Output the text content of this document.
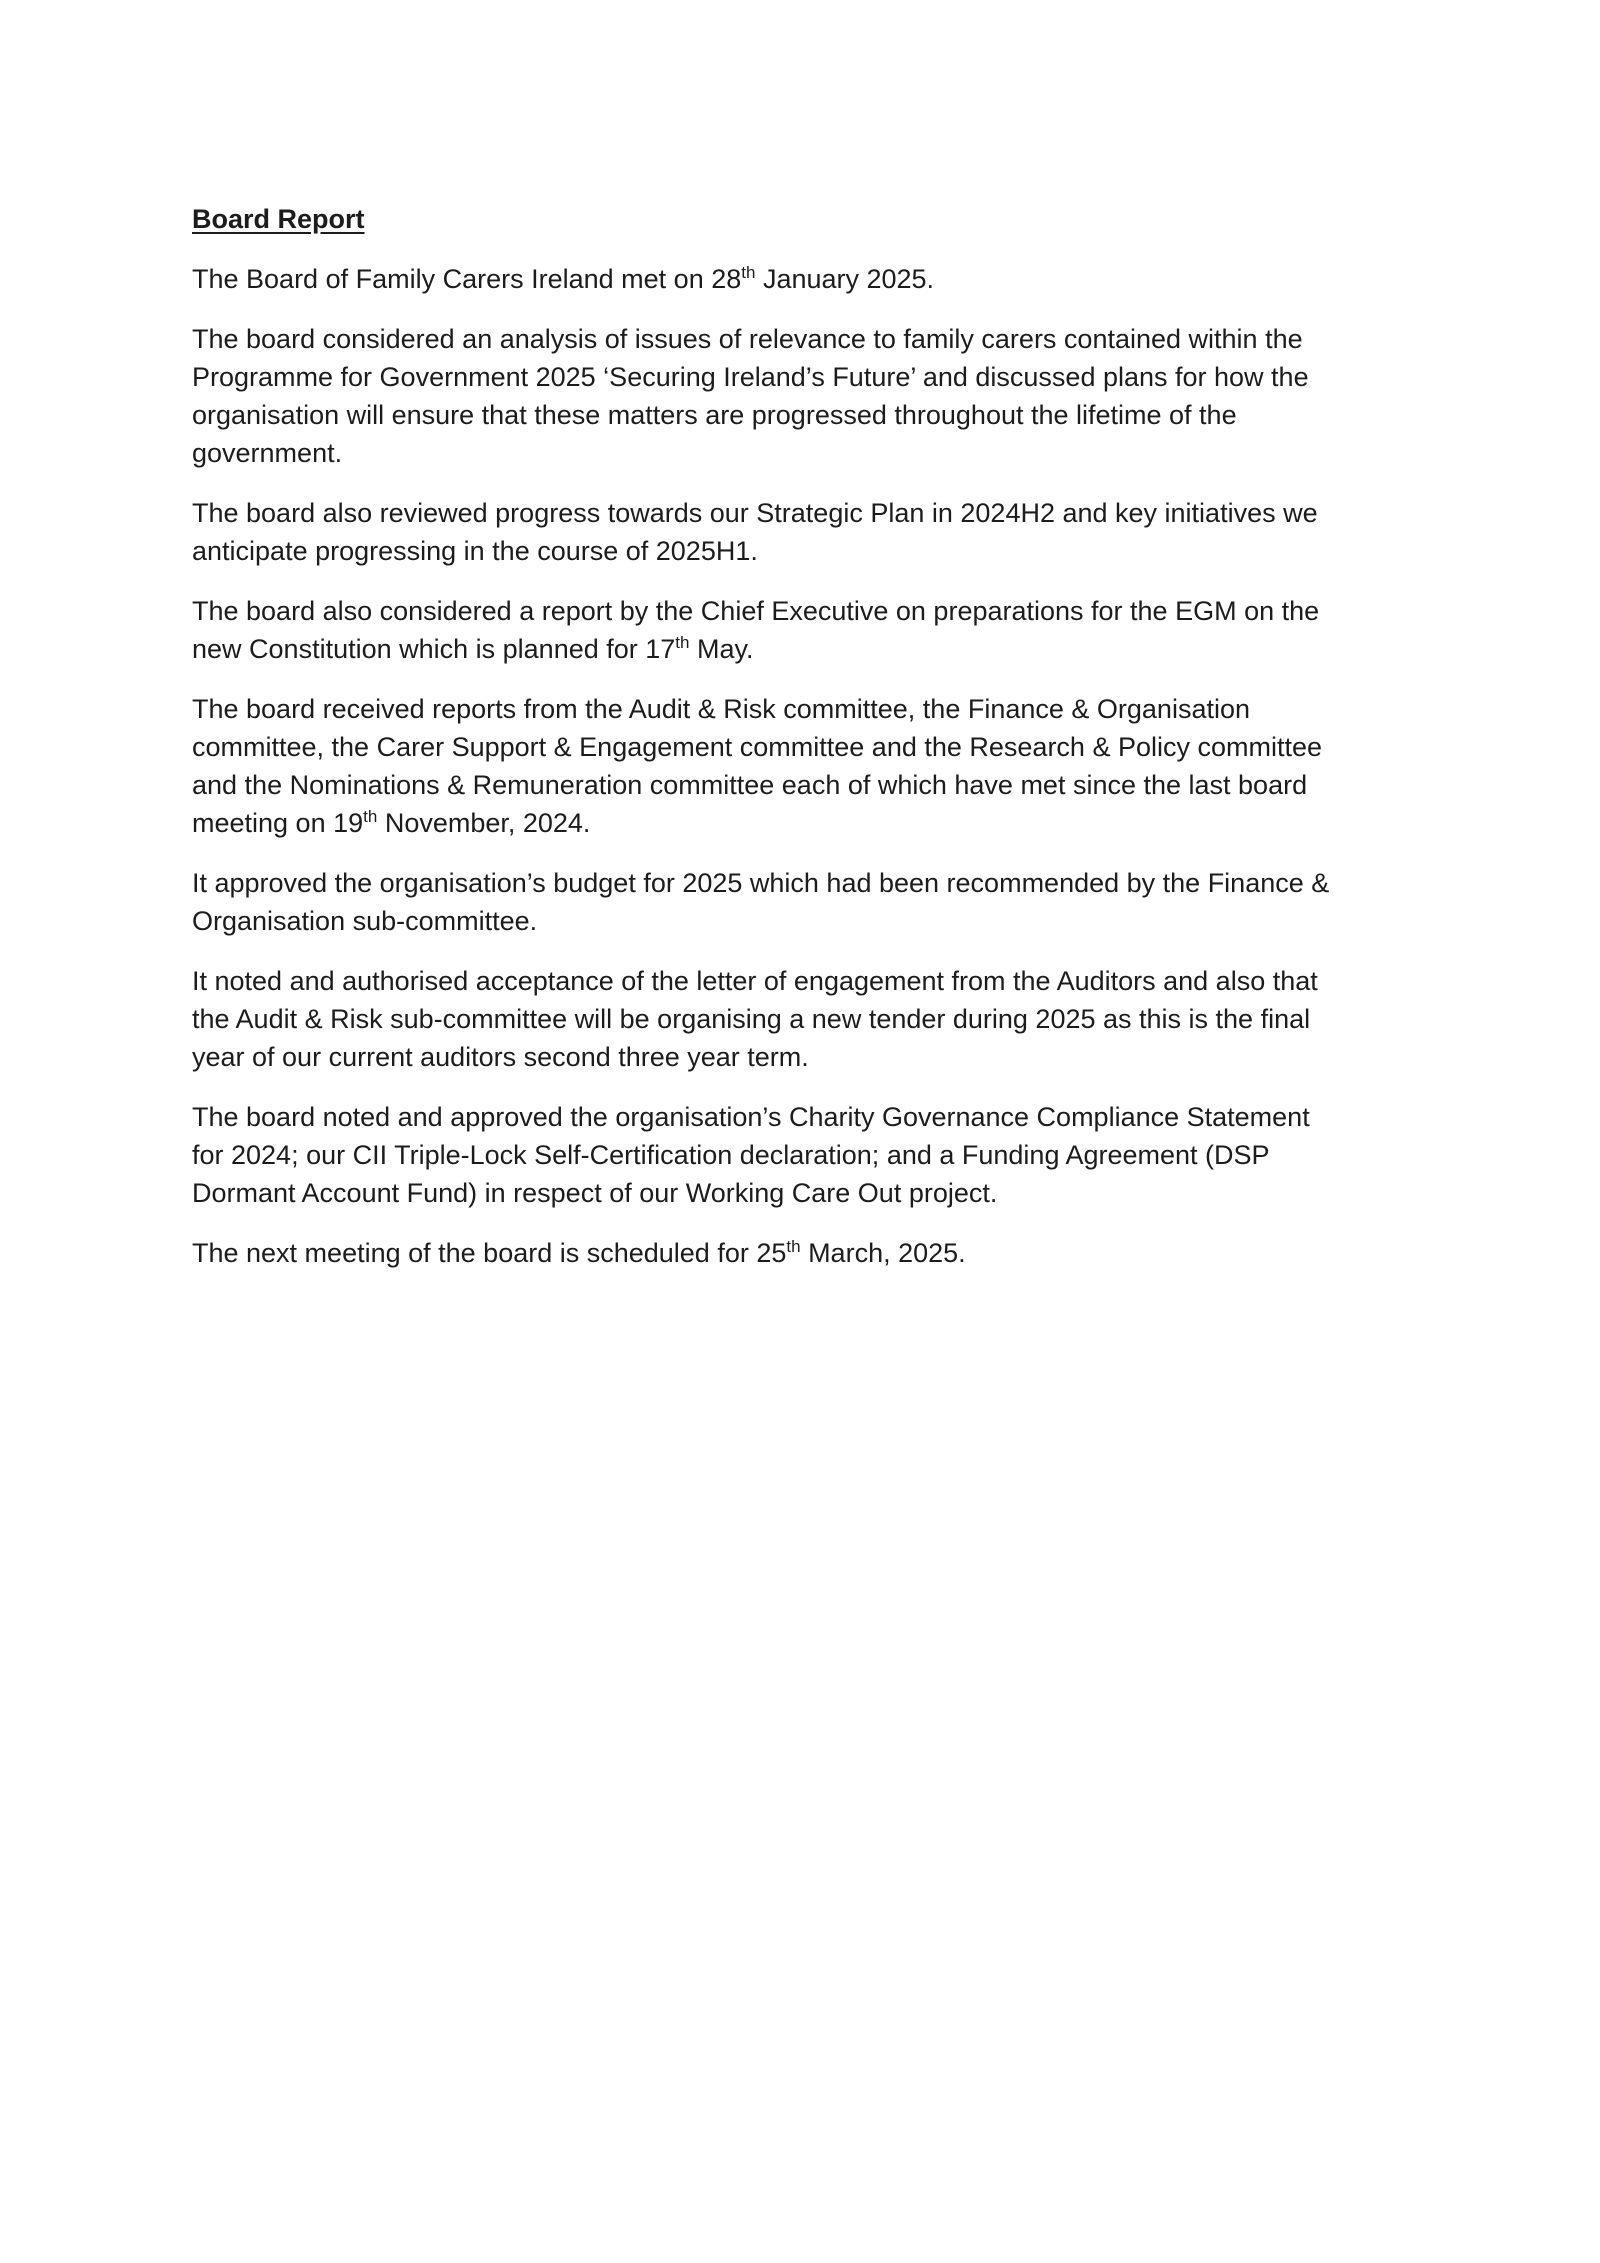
Board Report

The Board of Family Carers Ireland met on 28th January 2025.

The board considered an analysis of issues of relevance to family carers contained within the
Programme for Government 2025 ‘Securing Ireland’s Future’ and discussed plans for how the
organisation will ensure that these matters are progressed throughout the lifetime of the
government.

The board also reviewed progress towards our Strategic Plan in 2024H2 and key initiatives we
anticipate progressing in the course of 2025H1.

The board also considered a report by the Chief Executive on preparations for the EGM on the
new Constitution which is planned for 17th May.

The board received reports from the Audit & Risk committee, the Finance & Organisation
committee, the Carer Support & Engagement committee and the Research & Policy committee
and the Nominations & Remuneration committee each of which have met since the last board
meeting on 19th November, 2024.

It approved the organisation’s budget for 2025 which had been recommended by the Finance &
Organisation sub-committee.

It noted and authorised acceptance of the letter of engagement from the Auditors and also that
the Audit & Risk sub-committee will be organising a new tender during 2025 as this is the final
year of our current auditors second three year term.

The board noted and approved the organisation’s Charity Governance Compliance Statement
for 2024; our CII Triple-Lock Self-Certification declaration; and a Funding Agreement (DSP
Dormant Account Fund) in respect of our Working Care Out project.

The next meeting of the board is scheduled for 25th March, 2025.
